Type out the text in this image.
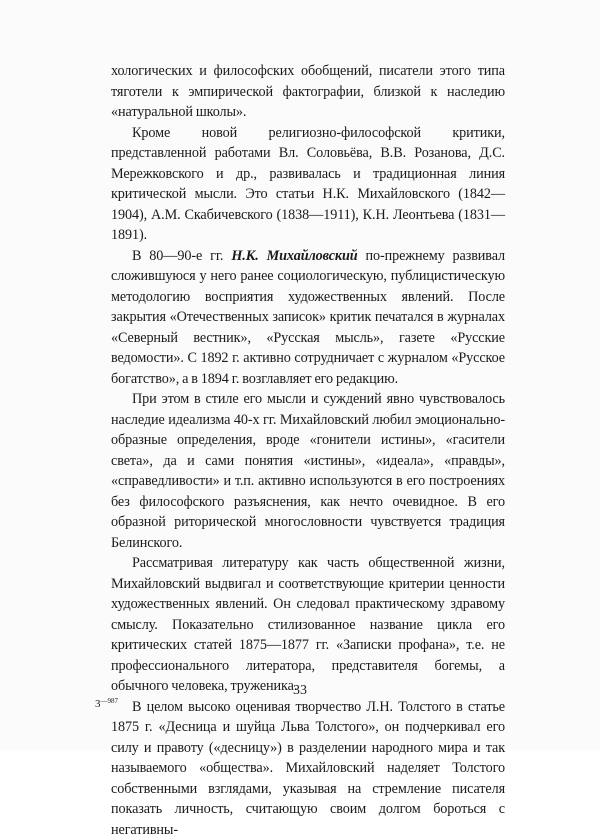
хологических и философских обобщений, писатели этого типа тяготели к эмпирической фактографии, близкой к наследию «натуральной школы».

Кроме новой религиозно-философской критики, представленной работами Вл. Соловьёва, В.В. Розанова, Д.С. Мережковского и др., развивалась и традиционная линия критической мысли. Это статьи Н.К. Михайловского (1842—1904), А.М. Скабичевского (1838—1911), К.Н. Леонтьева (1831—1891).

В 80—90-е гг. Н.К. Михайловский по-прежнему развивал сложившуюся у него ранее социологическую, публицистическую методологию восприятия художественных явлений. После закрытия «Отечественных записок» критик печатался в журналах «Северный вестник», «Русская мысль», газете «Русские ведомости». С 1892 г. активно сотрудничает с журналом «Русское богатство», а в 1894 г. возглавляет его редакцию.

При этом в стиле его мысли и суждений явно чувствовалось наследие идеализма 40-х гг. Михайловский любил эмоционально-образные определения, вроде «гонители истины», «гасители света», да и сами понятия «истины», «идеала», «правды», «справедливости» и т.п. активно используются в его построениях без философского разъяснения, как нечто очевидное. В его образной риторической многословности чувствуется традиция Белинского.

Рассматривая литературу как часть общественной жизни, Михайловский выдвигал и соответствующие критерии ценности художественных явлений. Он следовал практическому здравому смыслу. Показательно стилизованное название цикла его критических статей 1875—1877 гг. «Записки профана», т.е. не профессионального литератора, представителя богемы, а обычного человека, труженика.

В целом высоко оценивая творчество Л.Н. Толстого в статье 1875 г. «Десница и шуйца Льва Толстого», он подчеркивал его силу и правоту («десницу») в разделении народного мира и так называемого «общества». Михайловский наделяет Толстого собственными взглядами, указывая на стремление писателя показать личность, считающую своим долгом бороться с негативны-

$3^{—987}$
33
